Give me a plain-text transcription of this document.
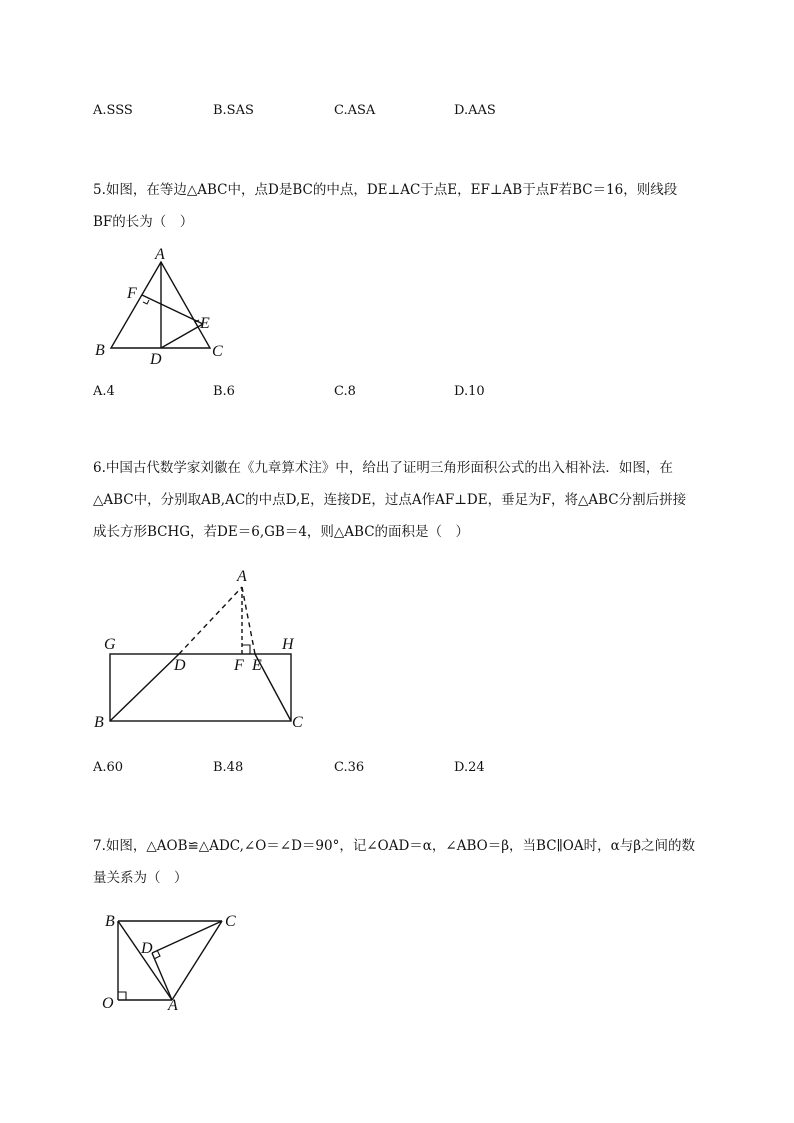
A.SSS	B.SAS	C.ASA	D.AAS

5.如图，在等边△ABC中，点D是BC的中点，DE⊥AC于点E，EF⊥AB于点F若BC＝16，则线段

BF的长为（　）

A
B	C
D
E
F
A.4	B.6	C.8	D.10

6.中国古代数学家刘徽在《九章算术注》中，给出了证明三角形面积公式的出入相补法．如图，在

△ABC中，分别取AB,AC的中点D,E，连接DE，过点A作AF⊥DE，垂足为F，将△ABC分割后拼接

成长方形BCHG，若DE＝6,GB＝4，则△ABC的面积是（　）

A
B	C
D	E
F
G	H
A.60	B.48	C.36	D.24

7.如图，△AOB≌△ADC,∠O＝∠D＝90°，记∠OAD＝α，∠ABO＝β，当BC∥OA时，α与β之间的数

量关系为（　）

B	C
D
O	A
